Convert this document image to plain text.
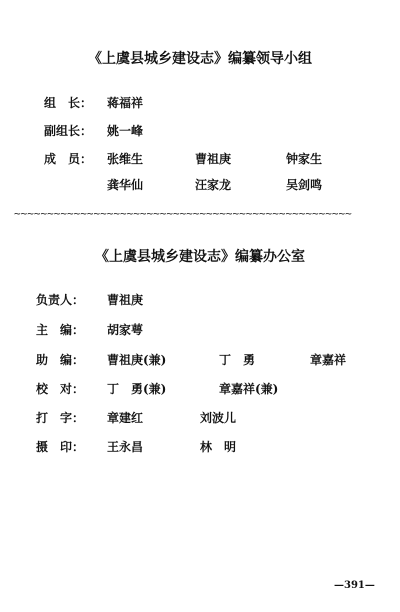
《上虞县城乡建设志》编纂领导小组
组　长： 蒋福祥
副组长： 姚一峰
成　员： 张维生	曹祖庚	钟家生
龚华仙	汪家龙	吴剑鸣
~~~~~~~~~~~~~~~~~~~~~~~~~~~~~~~~~~~~~~~~~~~~~~~~~~~
《上虞县城乡建设志》编纂办公室
负责人： 曹祖庚
主　编： 胡家萼
助　编： 曹祖庚(兼)	丁　勇	章嘉祥
校　对： 丁　勇(兼)	章嘉祥(兼)
打　字： 章建红	刘波儿
摄　印： 王永昌	林　明
—391—
